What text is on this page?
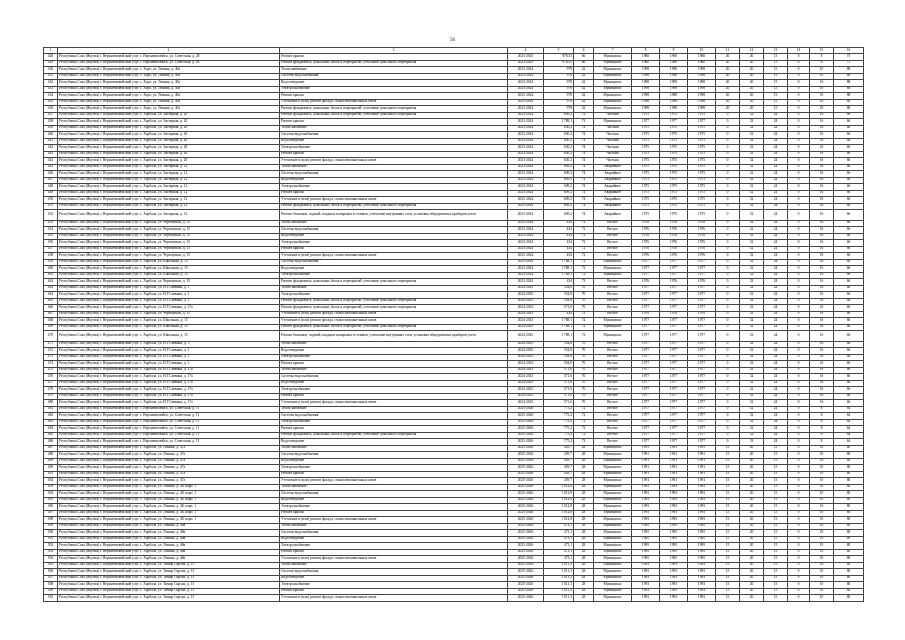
56
1	2	3	4	5	6	7	8	9	10	11	12	13	14	15	16
428	Республика Саха (Якутия) г. Верхневилюйский улус с. Верхневилюйск, ул. Советская, д. 28	Ремонт крыши	2023-2025	978,55	66	Муниципал	1960	1960	1960	20	20	15	0	8	75
429	Республика Саха (Якутия) г. Верхневилюйский улус с. Верхневилюйск, ул. Советская, д. 28	Ремонт фундамента, цокольных балок и перекрытий, утепление цокольного перекрытия	2023-2025	978,55	66	Муниципал	1960	1960	1960	20	20	15	0	8	75
430	Республика Саха (Якутия) г. Верхневилюйский улус с. Хоро, ул. Ленина, д. 40а	Теплоснабжение	2023-2024	978	42	Муниципал	1998	1998	1998	20	20	15	0	10	88
431	Республика Саха (Якутия) г. Верхневилюйский улус с. Хоро, ул. Ленина, д. 40а	Система водоснабжения	2023-2024	978	42	Муниципал	1998	1998	1998	20	20	15	0	10	88
432	Республика Саха (Якутия) г. Верхневилюйский улус с. Хоро, ул. Ленина, д. 40а	Водоотведение	2023-2024	978	42	Муниципал	1998	1998	1998	20	20	15	0	10	88
433	Республика Саха (Якутия) г. Верхневилюйский улус с. Хоро, ул. Ленина, д. 40а	Электроснабжение	2023-2024	978	42	Муниципал	1998	1998	1998	20	20	15	0	10	88
434	Республика Саха (Якутия) г. Верхневилюйский улус с. Хоро, ул. Ленина, д. 40а	Ремонт крыши	2023-2024	978	42	Муниципал	1998	1998	1998	20	20	15	0	10	88
435	Республика Саха (Якутия) г. Верхневилюйский улус с. Хоро, ул. Ленина, д. 40а	Утепление и (или) ремонт фасада, стыки межпанельных швов	2023-2024	978	42	Муниципал	1998	1998	1998	20	20	15	0	10	88
436	Республика Саха (Якутия) г. Верхневилюйский улус с. Хоро, ул. Ленина, д. 40а	Ремонт фундамента, цокольных балок и перекрытий, утепление цокольного перекрытия	2023-2024	978	42	Муниципал	1998	1998	1998	20	20	15	0	10	88
437	Республика Саха (Якутия) г. Верхневилюйский улус с. Харбала, ул. Заозерная, д. 20	Ремонт фундамента, цокольных балок и перекрытий, утепление цокольного перекрытия	2023-2024	630,2	74	Частная	1975	1975	1975	0	32	24	0	16	66
438	Республика Саха (Якутия) г. Верхневилюйский улус с. Харбала, ул. Заозерная, д. 20	Ремонт крыши	2023-2024	1 788,1	72	Муниципал	1977	1977	1977	0	32	24	0	16	66
439	Республика Саха (Якутия) г. Верхневилюйский улус с. Харбала, ул. Заозерная, д. 20	Теплоснабжение	2023-2024	630,2	74	Частная	1975	1975	1975	0	32	24	0	16	66
440	Республика Саха (Якутия) г. Верхневилюйский улус с. Харбала, ул. Заозерная, д. 20	Система водоснабжения	2023-2024	630,2	74	Частная	1975	1975	1975	0	32	24	0	16	66
441	Республика Саха (Якутия) г. Верхневилюйский улус с. Харбала, ул. Заозерная, д. 20	Водоотведение	2023-2024	630,2	74	Частная	1975	1975	1975	0	32	24	0	16	66
442	Республика Саха (Якутия) г. Верхневилюйский улус с. Харбала, ул. Заозерная, д. 20	Электроснабжение	2023-2024	630,2	74	Частная	1975	1975	1975	0	32	24	0	16	66
443	Республика Саха (Якутия) г. Верхневилюйский улус с. Харбала, ул. Заозерная, д. 20	Ремонт крыши	2023-2024	630,2	74	Частная	1975	1975	1975	0	32	24	0	16	66
444	Республика Саха (Якутия) г. Верхневилюйский улус с. Харбала, ул. Заозерная, д. 20	Утепление и (или) ремонт фасада, стыки межпанельных швов	2023-2024	630,2	74	Частная	1975	1975	1975	0	32	24	0	16	66
445	Республика Саха (Якутия) г. Верхневилюйский улус с. Харбала, ул. Заозерная, д. 12	Теплоснабжение	2023-2024	609,2	74	Аварийное	1975	1975	1975	0	32	24	0	16	66
446	Республика Саха (Якутия) г. Верхневилюйский улус с. Харбала, ул. Заозерная, д. 12	Система водоснабжения	2023-2024	609,2	74	Аварийное	1975	1975	1975	0	32	24	0	16	66
447	Республика Саха (Якутия) г. Верхневилюйский улус с. Харбала, ул. Заозерная, д. 12	Водоотведение	2023-2024	609,2	74	Аварийное	1975	1975	1975	0	32	24	0	16	66
448	Республика Саха (Якутия) г. Верхневилюйский улус с. Харбала, ул. Заозерная, д. 12	Электроснабжение	2023-2024	609,2	74	Аварийное	1975	1975	1975	0	32	24	0	16	66
449	Республика Саха (Якутия) г. Верхневилюйский улус с. Харбала, ул. Заозерная, д. 12	Ремонт крыши	2023-2024	609,2	74	Аварийное	1975	1975	1975	0	32	24	0	16	66
450	Республика Саха (Якутия) г. Верхневилюйский улус с. Харбала, ул. Заозерная, д. 12	Утепление и (или) ремонт фасада, стыки межпанельных швов	2023-2024	609,2	74	Аварийное	1975	1975	1975	0	32	24	0	16	66
451	Республика Саха (Якутия) г. Верхневилюйский улус с. Харбала, ул. Заозерная, д. 12	Ремонт фундамента, цокольных балок и перекрытий, утепление цокольного перекрытия	2023-2024	609,2	74	Аварийное	1975	1975	1975	0	32	24	0	16	66
452	Республика Саха (Якутия) г. Верхневилюйский улус с. Харбала, ул. Заозерная, д. 12	Ремонт балконов, лоджий, входных козырьков и отливов, утепление внутренних стен, установка общедомовых приборов учета	2023-2024	609,2	74	Аварийное	1975	1975	1975	0	32	24	0	16	66
453	Республика Саха (Якутия) г. Верхневилюйский улус с. Харбала, ул. Черемушки, д. 15	Теплоснабжение	2023-2024	434	72	Ветхое	1976	1976	1976	0	32	24	0	16	66
454	Республика Саха (Якутия) г. Верхневилюйский улус с. Харбала, ул. Черемушки, д. 15	Система водоснабжения	2023-2024	434	72	Ветхое	1976	1976	1976	0	32	24	0	16	66
455	Республика Саха (Якутия) г. Верхневилюйский улус с. Харбала, ул. Черемушки, д. 15	Водоотведение	2023-2024	434	72	Ветхое	1976	1976	1976	0	32	24	0	16	66
456	Республика Саха (Якутия) г. Верхневилюйский улус с. Харбала, ул. Черемушки, д. 15	Электроснабжение	2023-2024	434	72	Ветхое	1976	1976	1976	0	32	24	0	16	66
457	Республика Саха (Якутия) г. Верхневилюйский улус с. Харбала, ул. Черемушки, д. 15	Ремонт крыши	2023-2024	434	72	Ветхое	1976	1976	1976	0	32	24	0	16	66
458	Республика Саха (Якутия) г. Верхневилюйский улус с. Харбала, ул. Черемушки, д. 15	Утепление и (или) ремонт фасада, стыки межпанельных швов	2023-2024	434	72	Ветхое	1976	1976	1976	0	32	24	0	16	66
459	Республика Саха (Якутия) г. Верхневилюйский улус с. Харбала, ул. Школьная, д. 15	Система водоснабжения	2023-2024	1 788,1	72	Муниципал	1977	1977	1977	0	32	24	0	16	66
460	Республика Саха (Якутия) г. Верхневилюйский улус с. Харбала, ул. Школьная, д. 15	Водоотведение	2023-2024	1 788,1	72	Муниципал	1977	1977	1977	0	32	24	0	16	66
461	Республика Саха (Якутия) г. Верхневилюйский улус с. Харбала, ул. Школьная, д. 15	Электроснабжение	2023-2024	1 788,1	72	Муниципал	1977	1977	1977	0	32	24	0	16	66
462	Республика Саха (Якутия) г. Верхневилюйский улус с. Харбала, ул. Черемушки, д. 15	Ремонт фундамента, цокольных балок и перекрытий, утепление цокольного перекрытия	2023-2024	434	72	Ветхое	1976	1976	1976	0	32	24	0	16	66
463	Республика Саха (Якутия) г. Верхневилюйский улус с. Харбала, ул. Н.Г.Саввина, д. 1	Теплоснабжение	2024-2025	554,8	70	Ветхое	1977	1977	1977	0	32	24	0	16	66
464	Республика Саха (Якутия) г. Верхневилюйский улус с. Харбала, ул. Н.Г.Саввина, д. 1	Электроснабжение	2024-2025	554,8	70	Ветхое	1977	1977	1977	0	32	24	0	16	66
465	Республика Саха (Якутия) г. Верхневилюйский улус с. Харбала, ул. Н.Г.Саввина, д. 1	Ремонт фундамента, цокольных балок и перекрытий, утепление цокольного перекрытия	2024-2025	554,8	70	Ветхое	1977	1977	1977	0	32	24	0	16	66
466	Республика Саха (Якутия) г. Верхневилюйский улус с. Харбала, ул. Н.Г.Саввина, д. 17а	Ремонт фундамента, цокольных балок и перекрытий, утепление цокольного перекрытия	2024-2025	571,6	70	Ветхое	1977	1977	1977	0	32	24	0	16	66
467	Республика Саха (Якутия) г. Верхневилюйский улус с. Харбала, ул. Черемушки, д. 15	Утепление и (или) ремонт фасада, стыки межпанельных швов	2024-2025	434	72	Ветхое	1976	1976	1976	0	32	24	0	16	66
468	Республика Саха (Якутия) г. Верхневилюйский улус с. Харбала, ул. Школьная, д. 15	Утепление и (или) ремонт фасада, стыки межпанельных швов	2024-2025	1 788,1	72	Муниципал	1977	1977	1977	0	32	24	0	16	66
469	Республика Саха (Якутия) г. Верхневилюйский улус с. Харбала, ул. Школьная, д. 15	Ремонт фундамента, цокольных балок и перекрытий, утепление цокольного перекрытия	2024-2025	1 788,1	72	Муниципал	1977	1977	1977	0	32	24	0	16	66
470	Республика Саха (Якутия) г. Верхневилюйский улус с. Харбала, ул. Школьная, д. 15	Ремонт балконов, лоджий, входных козырьков и отливов, утепление внутренних стен, установка общедомовых приборов учета	2024-2025	1 788,1	72	Муниципал	1977	1977	1977	0	32	24	0	16	66
471	Республика Саха (Якутия) г. Верхневилюйский улус с. Харбала, ул. Н.Г.Саввина, д. 1	Теплоснабжение	2024-2025	554,8	70	Ветхое	1977	1977	1977	0	32	24	0	16	66
472	Республика Саха (Якутия) г. Верхневилюйский улус с. Харбала, ул. Н.Г.Саввина, д. 1	Водоотведение	2024-2025	554,8	70	Ветхое	1977	1977	1977	0	32	24	0	16	66
473	Республика Саха (Якутия) г. Верхневилюйский улус с. Харбала, ул. Н.Г.Саввина, д. 1	Электроснабжение	2024-2025	554,8	70	Ветхое	1977	1977	1977	0	32	24	0	16	66
474	Республика Саха (Якутия) г. Верхневилюйский улус с. Харбала, ул. Н.Г.Саввина, д. 1	Ремонт крыши	2024-2025	554,8	70	Ветхое	1977	1977	1977	0	32	24	0	16	66
475	Республика Саха (Якутия) г. Верхневилюйский улус с. Харбала, ул. Н.Г.Саввина, д. 17а	Теплоснабжение	2024-2025	571,6	70	Ветхое	1977	1977	1977	0	32	24	0	16	66
476	Республика Саха (Якутия) г. Верхневилюйский улус с. Харбала, ул. Н.Г.Саввина, д. 17а	Система водоснабжения	2024-2025	571,6	70	Ветхое	1977	1977	1977	0	32	24	0	16	66
477	Республика Саха (Якутия) г. Верхневилюйский улус с. Харбала, ул. Н.Г.Саввина, д. 17а	Водоотведение	2024-2025	571,6	70	Ветхое	1977	1977	1977	0	32	24	0	16	66
478	Республика Саха (Якутия) г. Верхневилюйский улус с. Харбала, ул. Н.Г.Саввина, д. 17а	Электроснабжение	2024-2025	571,6	70	Ветхое	1977	1977	1977	0	32	24	0	16	66
479	Республика Саха (Якутия) г. Верхневилюйский улус с. Харбала, ул. Н.Г.Саввина, д. 17а	Ремонт крыши	2024-2025	571,6	70	Ветхое	1977	1977	1977	0	32	24	0	16	66
480	Республика Саха (Якутия) г. Верхневилюйский улус с. Харбала, ул. Н.Г.Саввина, д. 17а	Утепление и (или) ремонт фасада, стыки межпанельных швов	2024-2025	571,6	70	Ветхое	1977	1977	1977	0	32	24	0	16	66
481	Республика Саха (Якутия) г. Верхневилюйский улус с. Верхневилюйск, ул. Советская, д. 11	Теплоснабжение	2025-2026	775,2	72	Ветхое	1977	1977	1977	0	32	24	0	8	64
482	Республика Саха (Якутия) г. Верхневилюйский улус с. Верхневилюйск, ул. Советская, д. 11	Система водоснабжения	2025-2026	775,2	72	Ветхое	1977	1977	1977	0	32	24	0	8	64
483	Республика Саха (Якутия) г. Верхневилюйский улус с. Верхневилюйск, ул. Советская, д. 11	Электроснабжение	2025-2026	775,2	72	Ветхое	1977	1977	1977	0	32	24	0	8	64
484	Республика Саха (Якутия) г. Верхневилюйский улус с. Верхневилюйск, ул. Советская, д. 11	Ремонт крыши	2025-2026	775,2	72	Ветхое	1977	1977	1977	0	32	24	0	8	64
485	Республика Саха (Якутия) г. Верхневилюйский улус с. Верхневилюйск, ул. Советская, д. 11	Ремонт фундамента, цокольных балок и перекрытий, утепление цокольного перекрытия	2025-2026	775,2	72	Ветхое	1977	1977	1977	0	32	24	0	8	64
486	Республика Саха (Якутия) г. Верхневилюйский улус с. Верхневилюйск, ул. Советская, д. 11	Водоотведение	2025-2026	775,2	72	Ветхое	1977	1977	1977	0	32	24	0	8	64
487	Республика Саха (Якутия) г. Верхневилюйский улус с. Харбала, ул. Ленина, д. 47а	Теплоснабжение	2025-2026	459,7	28	Муниципал	1991	1991	1991	15	20	15	0	10	80
488	Республика Саха (Якутия) г. Верхневилюйский улус с. Харбала, ул. Ленина, д. 47а	Система водоснабжения	2025-2026	459,7	28	Муниципал	1991	1991	1991	15	20	15	0	10	80
489	Республика Саха (Якутия) г. Верхневилюйский улус с. Харбала, ул. Ленина, д. 47а	Водоотведение	2025-2026	459,7	28	Муниципал	1991	1991	1991	15	20	15	0	10	80
490	Республика Саха (Якутия) г. Верхневилюйский улус с. Харбала, ул. Ленина, д. 47а	Электроснабжение	2025-2026	459,7	28	Муниципал	1991	1991	1991	15	20	15	0	10	80
491	Республика Саха (Якутия) г. Верхневилюйский улус с. Харбала, ул. Ленина, д. 47а	Ремонт крыши	2025-2026	459,7	28	Муниципал	1991	1991	1991	15	20	15	0	10	80
492	Республика Саха (Якутия) г. Верхневилюйский улус с. Харбала, ул. Ленина, д. 47а	Утепление и (или) ремонт фасада, стыки межпанельных швов	2025-2026	459,7	28	Муниципал	1991	1991	1991	15	20	15	0	10	80
493	Республика Саха (Якутия) г. Верхневилюйский улус с. Харбала, ул. Ленина, д. 48, корп. 1	Теплоснабжение	2025-2026	1 012,8	28	Муниципал	1993	1993	1993	15	20	15	0	10	80
494	Республика Саха (Якутия) г. Верхневилюйский улус с. Харбала, ул. Ленина, д. 48, корп. 1	Система водоснабжения	2025-2026	1 012,8	28	Муниципал	1993	1993	1993	15	20	15	0	10	80
495	Республика Саха (Якутия) г. Верхневилюйский улус с. Харбала, ул. Ленина, д. 48, корп. 1	Водоотведение	2025-2026	1 012,8	28	Муниципал	1993	1993	1993	15	20	15	0	10	80
496	Республика Саха (Якутия) г. Верхневилюйский улус с. Харбала, ул. Ленина, д. 48, корп. 1	Электроснабжение	2025-2026	1 012,8	28	Муниципал	1993	1993	1993	15	20	15	0	10	80
497	Республика Саха (Якутия) г. Верхневилюйский улус с. Харбала, ул. Ленина, д. 48, корп. 1	Ремонт крыши	2025-2026	1 012,8	28	Муниципал	1993	1993	1993	15	20	15	0	10	80
498	Республика Саха (Якутия) г. Верхневилюйский улус с. Харбала, ул. Ленина, д. 48, корп. 1	Утепление и (или) ремонт фасада, стыки межпанельных швов	2025-2026	1 012,8	28	Муниципал	1993	1993	1993	15	20	15	0	10	80
499	Республика Саха (Якутия) г. Верхневилюйский улус с. Харбала, ул. Ленина, д. 48в	Теплоснабжение	2025-2026	473,1	28	Муниципал	1995	1995	1995	15	20	15	0	10	80
500	Республика Саха (Якутия) г. Верхневилюйский улус с. Харбала, ул. Ленина, д. 48в	Система водоснабжения	2025-2026	473,1	28	Муниципал	1995	1995	1995	15	20	15	0	10	80
501	Республика Саха (Якутия) г. Верхневилюйский улус с. Харбала, ул. Ленина, д. 48в	Водоотведение	2025-2026	473,1	28	Муниципал	1995	1995	1995	15	20	15	0	10	80
502	Республика Саха (Якутия) г. Верхневилюйский улус с. Харбала, ул. Ленина, д. 48в	Электроснабжение	2025-2026	473,1	28	Муниципал	1995	1995	1995	15	20	15	0	10	80
503	Республика Саха (Якутия) г. Верхневилюйский улус с. Харбала, ул. Ленина, д. 48в	Ремонт крыши	2025-2026	473,1	28	Муниципал	1995	1995	1995	15	20	15	0	10	80
504	Республика Саха (Якутия) г. Верхневилюйский улус с. Харбала, ул. Ленина, д. 48в	Утепление и (или) ремонт фасада, стыки межпанельных швов	2025-2026	473,1	28	Муниципал	1995	1995	1995	15	20	15	0	10	80
505	Республика Саха (Якутия) г. Верхневилюйский улус с. Харбала, ул. Тимир Сирэнэ, д. 15	Теплоснабжение	2025-2026	1 011,3	28	Муниципал	1993	1993	1993	15	20	15	0	10	80
506	Республика Саха (Якутия) г. Верхневилюйский улус с. Харбала, ул. Тимир Сирэнэ, д. 15	Система водоснабжения	2025-2026	1 011,3	28	Муниципал	1993	1993	1993	15	20	15	0	10	80
507	Республика Саха (Якутия) г. Верхневилюйский улус с. Харбала, ул. Тимир Сирэнэ, д. 15	Водоотведение	2025-2026	1 011,3	28	Муниципал	1993	1993	1993	15	20	15	0	10	80
508	Республика Саха (Якутия) г. Верхневилюйский улус с. Харбала, ул. Тимир Сирэнэ, д. 15	Электроснабжение	2025-2026	1 011,3	28	Муниципал	1993	1993	1993	15	20	15	0	10	80
509	Республика Саха (Якутия) г. Верхневилюйский улус с. Харбала, ул. Тимир Сирэнэ, д. 15	Ремонт крыши	2025-2026	1 011,3	28	Муниципал	1993	1993	1993	15	20	15	0	10	80
510	Республика Саха (Якутия) г. Верхневилюйский улус с. Харбала, ул. Тимир Сирэнэ, д. 15	Утепление и (или) ремонт фасада, стыки межпанельных швов	2025-2026	1 011,3	28	Муниципал	1993	1993	1993	15	20	15	0	10	80
